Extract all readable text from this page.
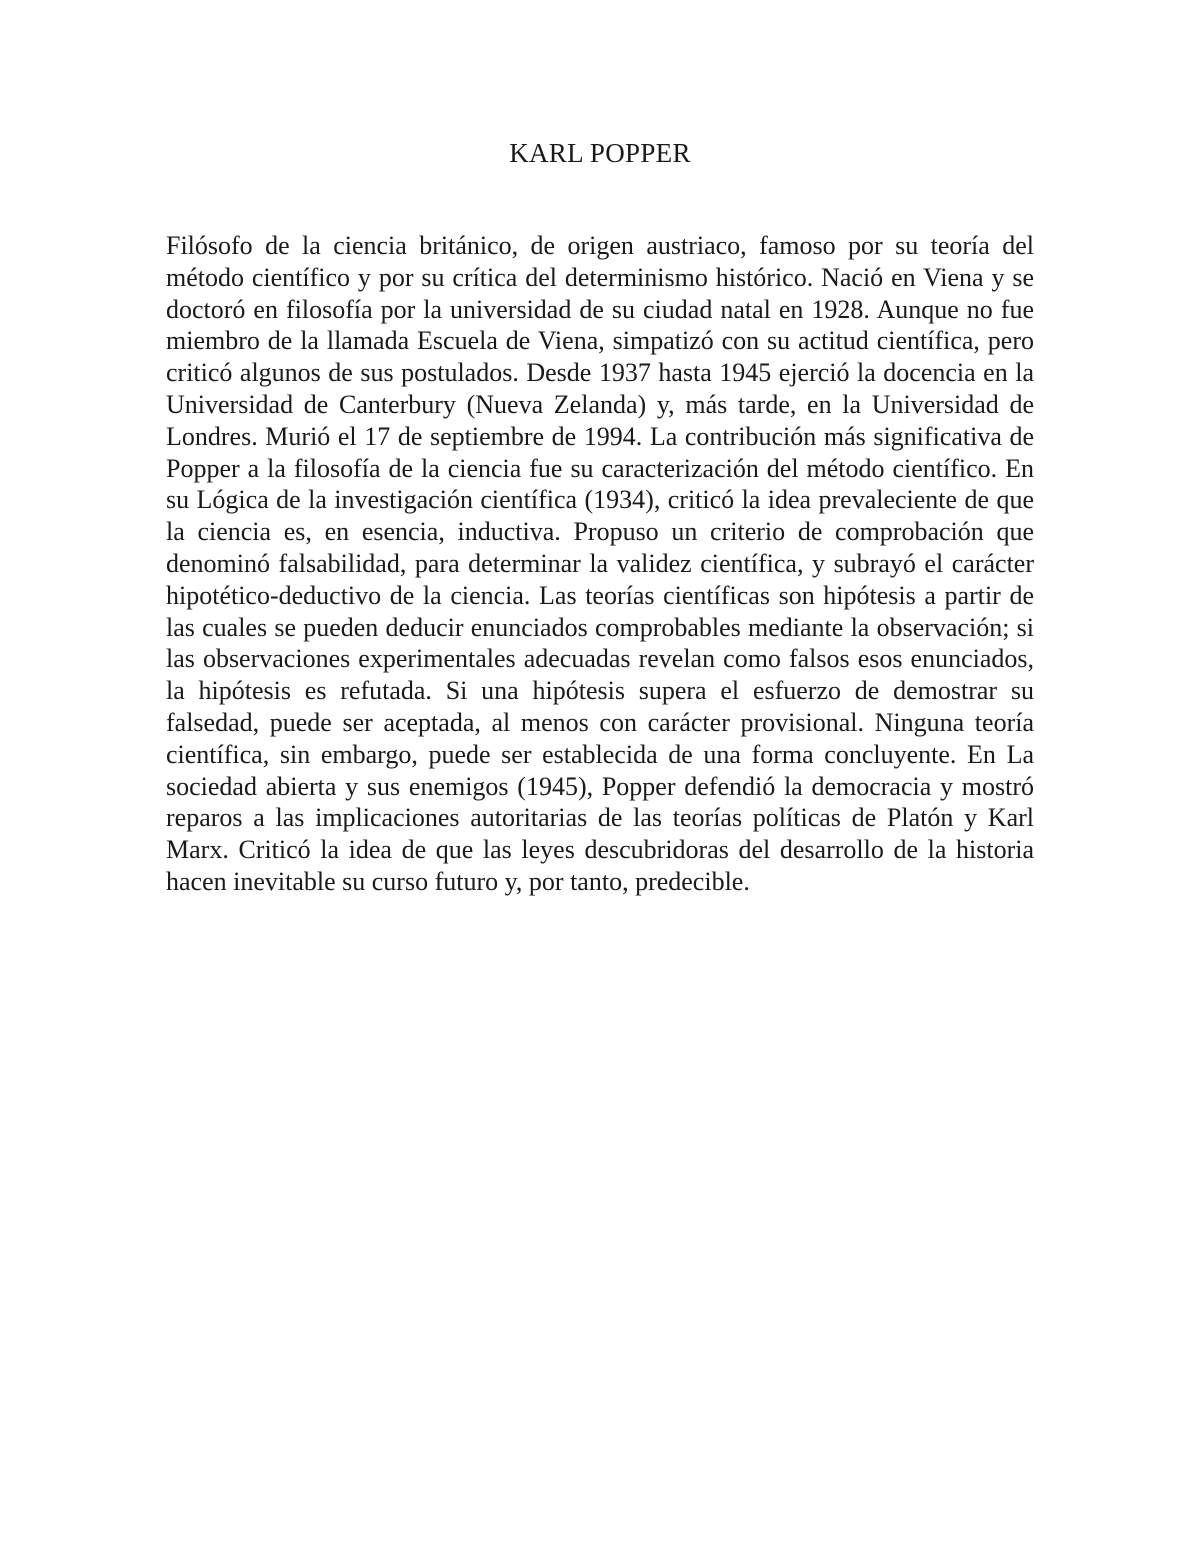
KARL POPPER

Filósofo de la ciencia británico, de origen austriaco, famoso por su teoría del método científico y por su crítica del determinismo histórico. Nació en Viena y se doctoró en filosofía por la universidad de su ciudad natal en 1928. Aunque no fue miembro de la llamada Escuela de Viena, simpatizó con su actitud científica, pero criticó algunos de sus postulados. Desde 1937 hasta 1945 ejerció la docencia en la Universidad de Canterbury (Nueva Zelanda) y, más tarde, en la Universidad de Londres. Murió el 17 de septiembre de 1994. La contribución más significativa de Popper a la filosofía de la ciencia fue su caracterización del método científico. En su Lógica de la investigación científica (1934), criticó la idea prevaleciente de que la ciencia es, en esencia, inductiva. Propuso un criterio de comprobación que denominó falsabilidad, para determinar la validez científica, y subrayó el carácter hipotético-deductivo de la ciencia. Las teorías científicas son hipótesis a partir de las cuales se pueden deducir enunciados comprobables mediante la observación; si las observaciones experimentales adecuadas revelan como falsos esos enunciados, la hipótesis es refutada. Si una hipótesis supera el esfuerzo de demostrar su falsedad, puede ser aceptada, al menos con carácter provisional. Ninguna teoría científica, sin embargo, puede ser establecida de una forma concluyente. En La sociedad abierta y sus enemigos (1945), Popper defendió la democracia y mostró reparos a las implicaciones autoritarias de las teorías políticas de Platón y Karl Marx. Criticó la idea de que las leyes descubridoras del desarrollo de la historia hacen inevitable su curso futuro y, por tanto, predecible.
